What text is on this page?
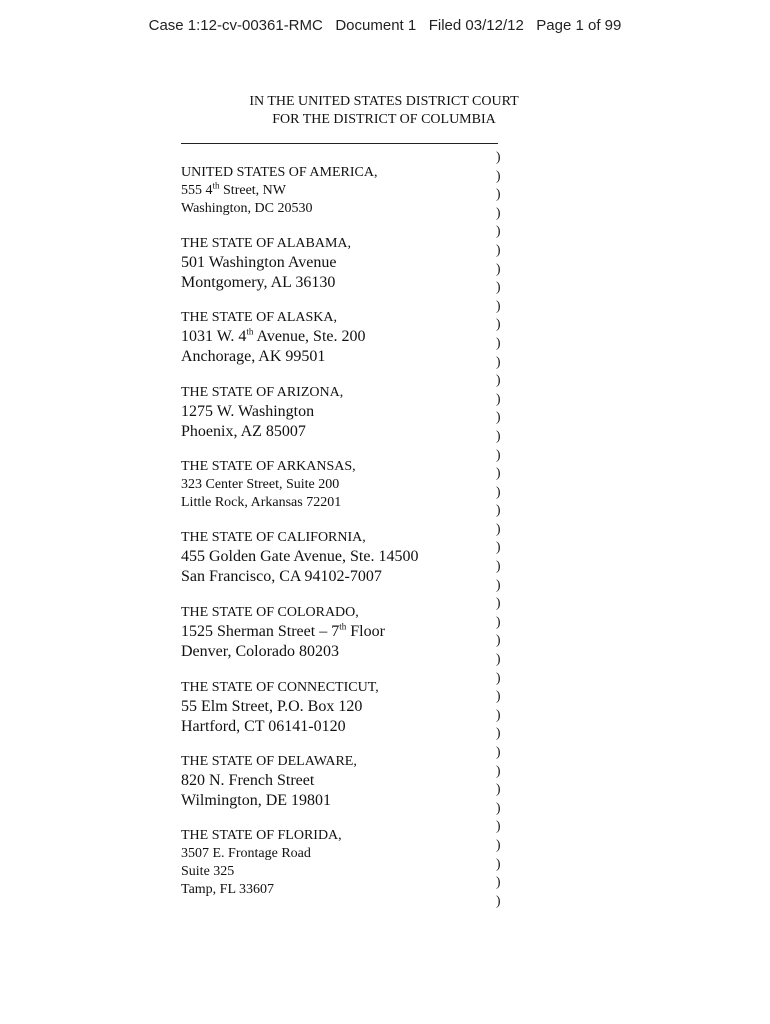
Case 1:12-cv-00361-RMC   Document 1   Filed 03/12/12   Page 1 of 99
IN THE UNITED STATES DISTRICT COURT
FOR THE DISTRICT OF COLUMBIA
)
)
)
)
)
)
)
)
)
)
)
)
)
)
)
)
)
)
)
)
)
)
)
)
)
)
)
)
)
)
)
)
)
)
)
)
)
)
)
)
)
UNITED STATES OF AMERICA,
555 4th Street, NW
Washington, DC 20530
THE STATE OF ALABAMA,
501 Washington Avenue
Montgomery, AL 36130
THE STATE OF ALASKA,
1031 W. 4th Avenue, Ste. 200
Anchorage, AK 99501
THE STATE OF ARIZONA,
1275 W. Washington
Phoenix, AZ 85007
THE STATE OF ARKANSAS,
323 Center Street, Suite 200
Little Rock, Arkansas 72201
THE STATE OF CALIFORNIA,
455 Golden Gate Avenue, Ste. 14500
San Francisco, CA 94102-7007
THE STATE OF COLORADO,
1525 Sherman Street – 7th Floor
Denver, Colorado 80203
THE STATE OF CONNECTICUT,
55 Elm Street, P.O. Box 120
Hartford, CT 06141-0120
THE STATE OF DELAWARE,
820 N. French Street
Wilmington, DE 19801
THE STATE OF FLORIDA,
3507 E. Frontage Road
Suite 325
Tamp, FL 33607
